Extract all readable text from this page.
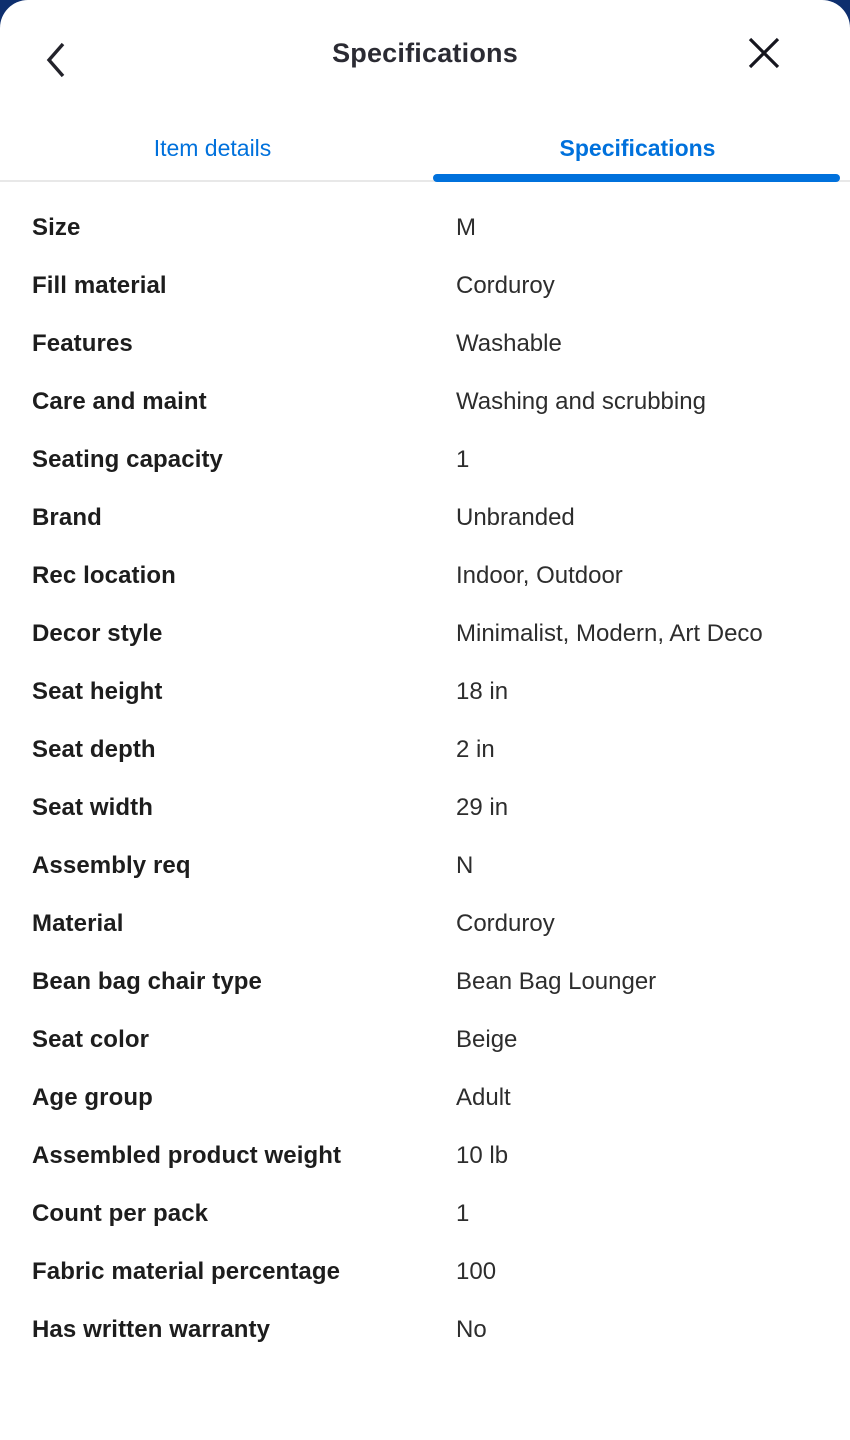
Specifications
Item details	Specifications
Size	M
Fill material	Corduroy
Features	Washable
Care and maint	Washing and scrubbing
Seating capacity	1
Brand	Unbranded
Rec location	Indoor, Outdoor
Decor style	Minimalist, Modern, Art Deco
Seat height	18 in
Seat depth	2 in
Seat width	29 in
Assembly req	N
Material	Corduroy
Bean bag chair type	Bean Bag Lounger
Seat color	Beige
Age group	Adult
Assembled product weight	10 lb
Count per pack	1
Fabric material percentage	100
Has written warranty	No
